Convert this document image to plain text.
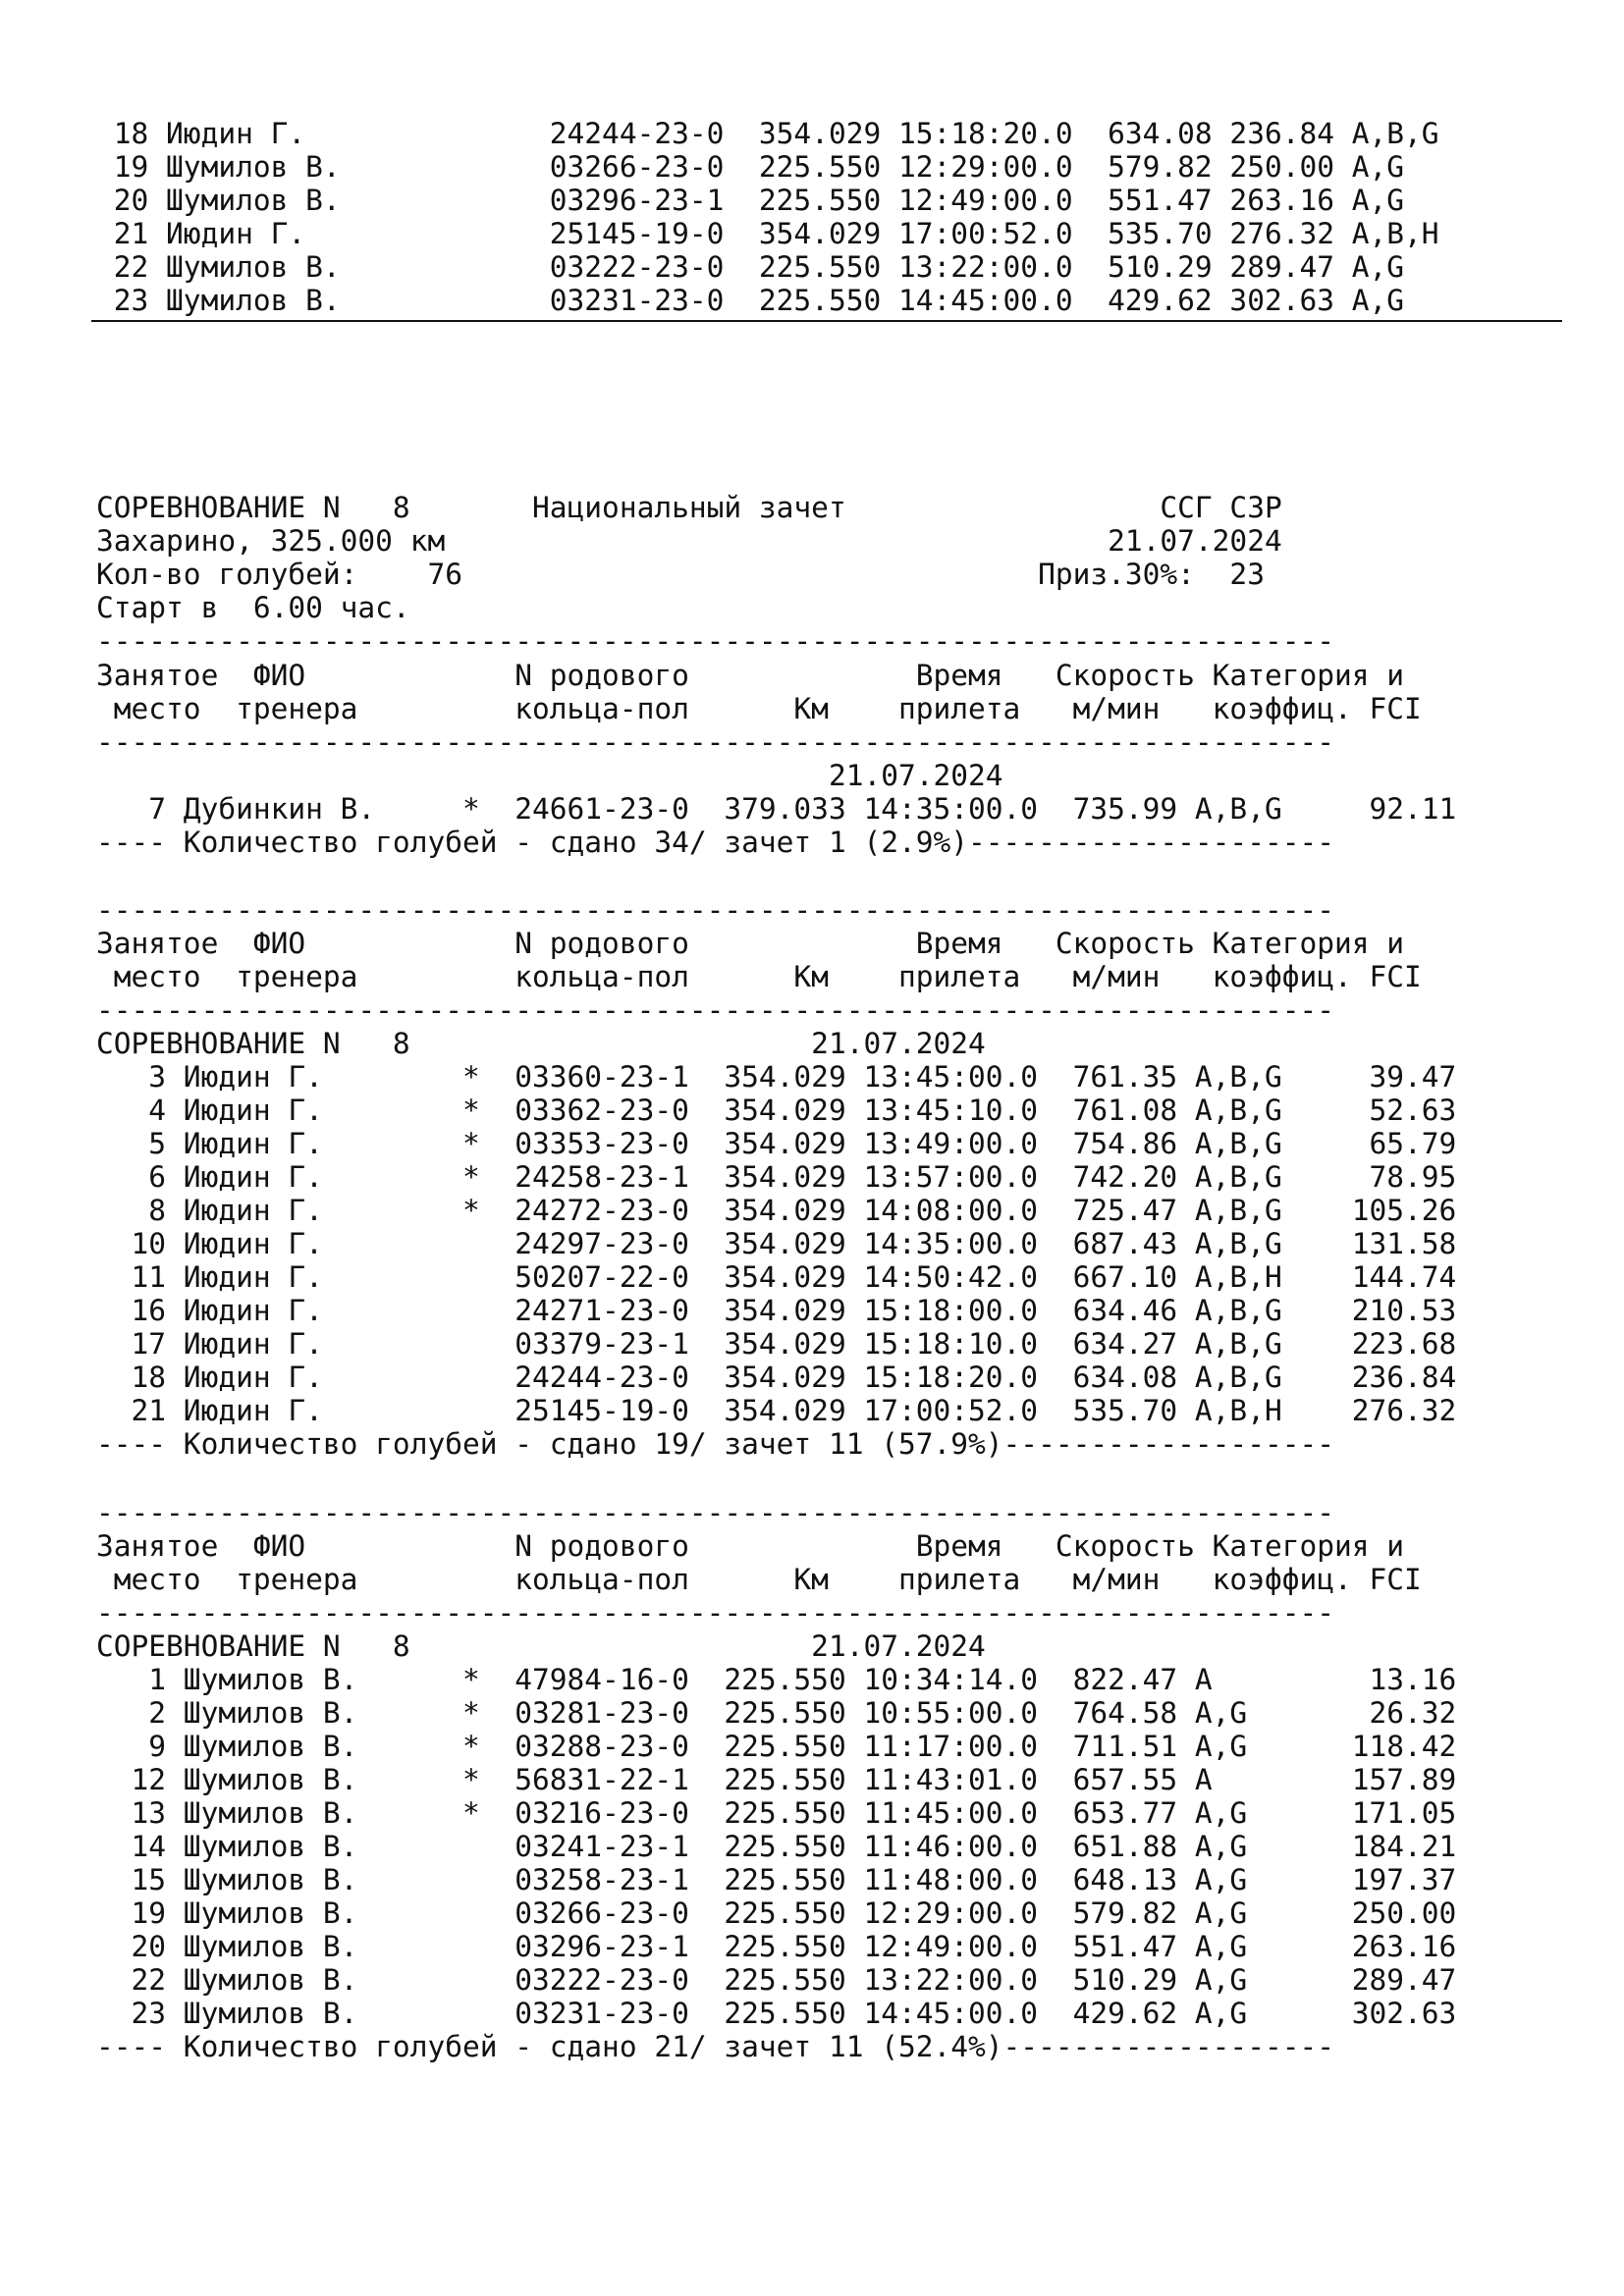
18 Июдин Г.              24244-23-0  354.029 15:18:20.0  634.08 236.84 A,B,G
19 Шумилов В.            03266-23-0  225.550 12:29:00.0  579.82 250.00 A,G
20 Шумилов В.            03296-23-1  225.550 12:49:00.0  551.47 263.16 A,G
21 Июдин Г.              25145-19-0  354.029 17:00:52.0  535.70 276.32 A,B,H
22 Шумилов В.            03222-23-0  225.550 13:22:00.0  510.29 289.47 A,G
23 Шумилов В.            03231-23-0  225.550 14:45:00.0  429.62 302.63 A,G
СОРЕВНОВАНИЕ N   8       Национальный зачет                  ССГ СЗР
Захарино, 325.000 км                                      21.07.2024
Кол-во голубей:    76                                 Приз.30%:  23
Старт в  6.00 час.
-----------------------------------------------------------------------
Занятое  ФИО            N родового             Время   Скорость Категория и
место  тренера         кольца-пол      Км    прилета   м/мин   коэффиц. FCI
-----------------------------------------------------------------------
21.07.2024
7 Дубинкин В.     *  24661-23-0  379.033 14:35:00.0  735.99 A,B,G     92.11
---- Количество голубей - сдано 34/ зачет 1 (2.9%)---------------------
-----------------------------------------------------------------------
Занятое  ФИО            N родового             Время   Скорость Категория и
место  тренера         кольца-пол      Км    прилета   м/мин   коэффиц. FCI
-----------------------------------------------------------------------
СОРЕВНОВАНИЕ N   8                       21.07.2024
3 Июдин Г.        *  03360-23-1  354.029 13:45:00.0  761.35 A,B,G     39.47
4 Июдин Г.        *  03362-23-0  354.029 13:45:10.0  761.08 A,B,G     52.63
5 Июдин Г.        *  03353-23-0  354.029 13:49:00.0  754.86 A,B,G     65.79
6 Июдин Г.        *  24258-23-1  354.029 13:57:00.0  742.20 A,B,G     78.95
8 Июдин Г.        *  24272-23-0  354.029 14:08:00.0  725.47 A,B,G    105.26
10 Июдин Г.           24297-23-0  354.029 14:35:00.0  687.43 A,B,G    131.58
11 Июдин Г.           50207-22-0  354.029 14:50:42.0  667.10 A,B,H    144.74
16 Июдин Г.           24271-23-0  354.029 15:18:00.0  634.46 A,B,G    210.53
17 Июдин Г.           03379-23-1  354.029 15:18:10.0  634.27 A,B,G    223.68
18 Июдин Г.           24244-23-0  354.029 15:18:20.0  634.08 A,B,G    236.84
21 Июдин Г.           25145-19-0  354.029 17:00:52.0  535.70 A,B,H    276.32
---- Количество голубей - сдано 19/ зачет 11 (57.9%)-------------------
-----------------------------------------------------------------------
Занятое  ФИО            N родового             Время   Скорость Категория и
место  тренера         кольца-пол      Км    прилета   м/мин   коэффиц. FCI
-----------------------------------------------------------------------
СОРЕВНОВАНИЕ N   8                       21.07.2024
1 Шумилов В.      *  47984-16-0  225.550 10:34:14.0  822.47 A         13.16
2 Шумилов В.      *  03281-23-0  225.550 10:55:00.0  764.58 A,G       26.32
9 Шумилов В.      *  03288-23-0  225.550 11:17:00.0  711.51 A,G      118.42
12 Шумилов В.      *  56831-22-1  225.550 11:43:01.0  657.55 A        157.89
13 Шумилов В.      *  03216-23-0  225.550 11:45:00.0  653.77 A,G      171.05
14 Шумилов В.         03241-23-1  225.550 11:46:00.0  651.88 A,G      184.21
15 Шумилов В.         03258-23-1  225.550 11:48:00.0  648.13 A,G      197.37
19 Шумилов В.         03266-23-0  225.550 12:29:00.0  579.82 A,G      250.00
20 Шумилов В.         03296-23-1  225.550 12:49:00.0  551.47 A,G      263.16
22 Шумилов В.         03222-23-0  225.550 13:22:00.0  510.29 A,G      289.47
23 Шумилов В.         03231-23-0  225.550 14:45:00.0  429.62 A,G      302.63
---- Количество голубей - сдано 21/ зачет 11 (52.4%)-------------------
